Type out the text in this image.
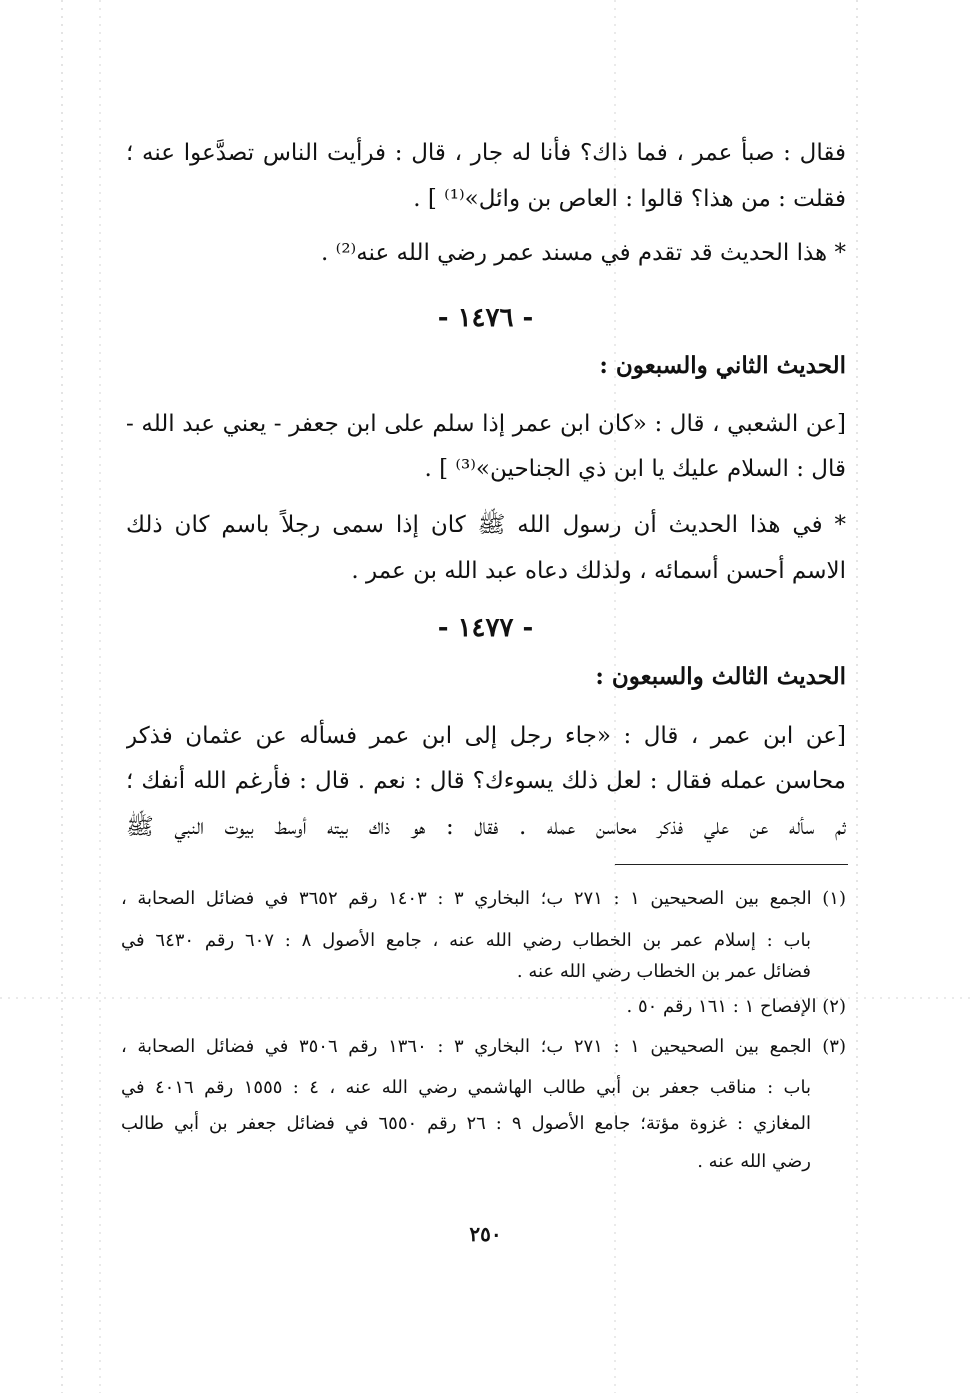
فقال : صبأ عمر ، فما ذاك؟ فأنا له جار ، قال : فرأيت الناس تصدَّعوا عنه ؛
فقلت : من هذا؟ قالوا : العاص بن وائل»⁽¹⁾ ] .
* هذا الحديث قد تقدم في مسند عمر رضي الله عنه⁽²⁾ .
- ١٤٧٦ -
الحديث الثاني والسبعون :
[عن الشعبي ، قال : «كان ابن عمر إذا سلم على ابن جعفر - يعني عبد الله -
قال : السلام عليك يا ابن ذي الجناحين»⁽³⁾ ] .
* في هذا الحديث أن رسول الله ﷺ كان إذا سمى رجلاً باسم كان ذلك
الاسم أحسن أسمائه ، ولذلك دعاه عبد الله بن عمر .
- ١٤٧٧ -
الحديث الثالث والسبعون :
[عن ابن عمر ، قال : «جاء رجل إلى ابن عمر فسأله عن عثمان فذكر
محاسن عمله فقال : لعل ذلك يسوءك؟ قال : نعم . قال : فأرغم الله أنفك ؛
ثم سأله عن علي فذكر محاسن عمله . فقال : هو ذاك بيته أوسط بيوت النبي ﷺ
(١) الجمع بين الصحيحين ١ : ٢٧١ ب؛ البخاري ٣ : ١٤٠٣ رقم ٣٦٥٢ في فضائل الصحابة ،
باب : إسلام عمر بن الخطاب رضي الله عنه ، جامع الأصول ٨ : ٦٠٧ رقم ٦٤٣٠ في
فضائل عمر بن الخطاب رضي الله عنه .
(٢) الإفصاح ١ : ١٦١ رقم ٥٠ .
(٣) الجمع بين الصحيحين ١ : ٢٧١ ب؛ البخاري ٣ : ١٣٦٠ رقم ٣٥٠٦ في فضائل الصحابة ،
باب : مناقب جعفر بن أبي طالب الهاشمي رضي الله عنه ، ٤ : ١٥٥٥ رقم ٤٠١٦ في
المغازي : غزوة مؤتة؛ جامع الأصول ٩ : ٢٦ رقم ٦٥٥٠ في فضائل جعفر بن أبي طالب
رضي الله عنه .
٢٥٠
